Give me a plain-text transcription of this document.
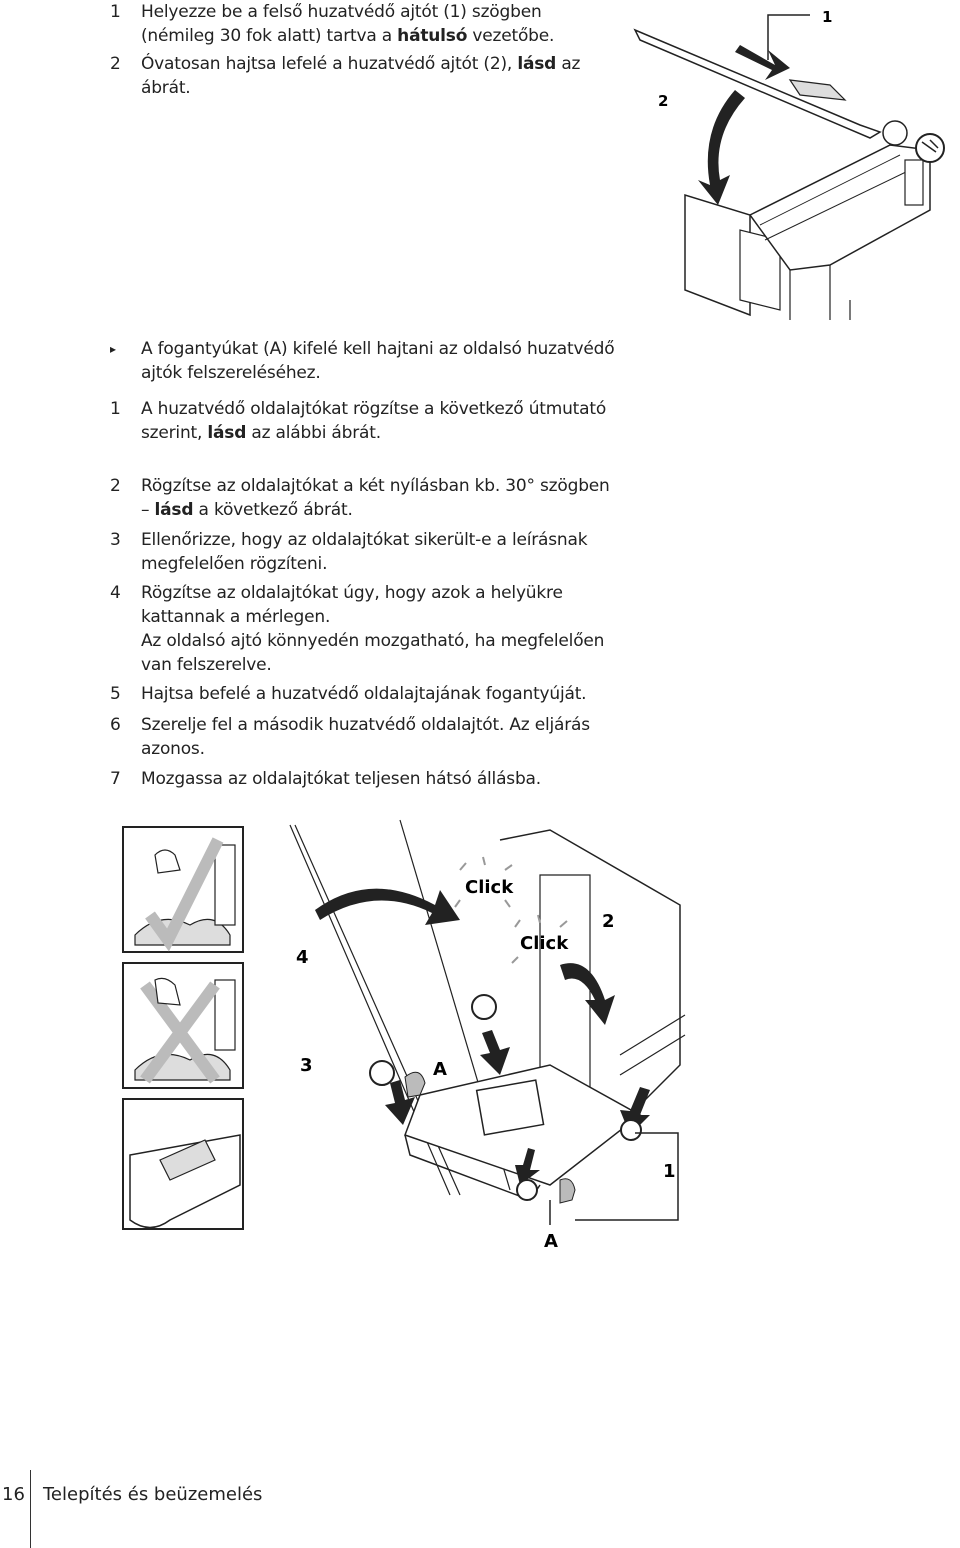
1	Helyezze be a felső huzatvédő ajtót (1) szögben (némileg 30 fok alatt) tartva a hátulsó vezetőbe.
2	Óvatosan hajtsa lefelé a huzatvédő ajtót (2), lásd az ábrát.
1
2
▸	A fogantyúkat (A) kifelé kell hajtani az oldalsó huzatvédő ajtók felszereléséhez.
1	A huzatvédő oldalajtókat rögzítse a következő útmutató szerint, lásd az alábbi ábrát.
2	Rögzítse az oldalajtókat a két nyílásban kb. 30° szögben – lásd a következő ábrát.
3	Ellenőrizze, hogy az oldalajtókat sikerült-e a leírásnak megfelelően rögzíteni.
4	Rögzítse az oldalajtókat úgy, hogy azok a helyükre kattannak a mérlegen.
Az oldalsó ajtó könnyedén mozgatható, ha megfelelően van felszerelve.
5	Hajtsa befelé a huzatvédő oldalajtajának fogantyúját.
6	Szerelje fel a második huzatvédő oldalajtót. Az eljárás azonos.
7	Mozgassa az oldalajtókat teljesen hátsó állásba.
Click
Click
2
4
3	A
1
A
16 Telepítés és beüzemelés
